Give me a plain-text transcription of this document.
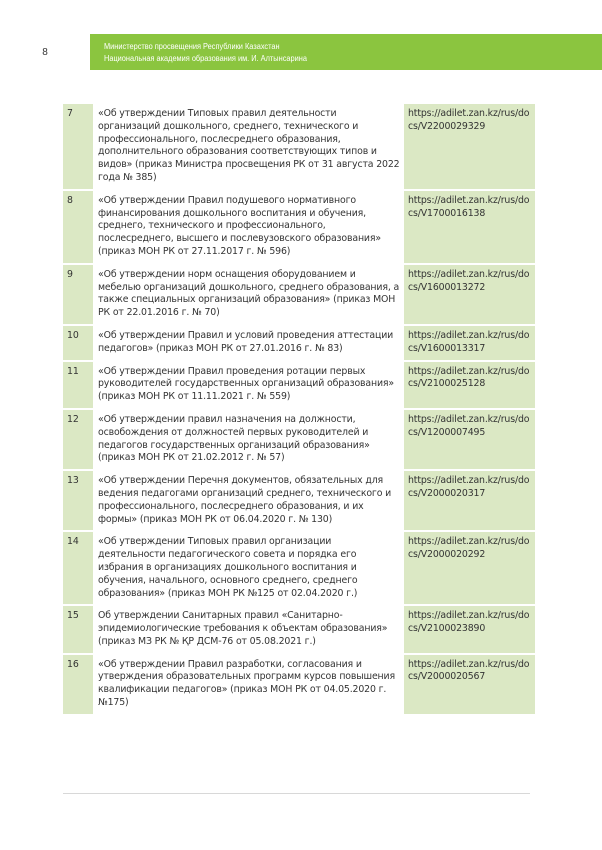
8
Министерство просвещения Республики Казахстан
Национальная академия образования им. И. Алтынсарина
7	«Об утверждении Типовых правил деятельности организаций дошкольного, среднего, технического и профессионального, послесреднего образования, дополнительного образования соответствующих типов и видов» (приказ Министра просвещения РК от 31 августа 2022 года № 385)	https://adilet.zan.kz/rus/docs/V2200029329
8	«Об утверждении Правил подушевого нормативного финансирования дошкольного воспитания и обучения, среднего, технического и профессионального, послесреднего, высшего и послевузовского образования» (приказ МОН РК от 27.11.2017 г. № 596)	https://adilet.zan.kz/rus/docs/V1700016138
9	«Об утверждении норм оснащения оборудованием и мебелью организаций дошкольного, среднего образования, а также специальных организаций образования» (приказ МОН РК от 22.01.2016 г. № 70)	https://adilet.zan.kz/rus/docs/V1600013272
10	«Об утверждении Правил и условий проведения аттестации педагогов» (приказ МОН РК от 27.01.2016 г. № 83)	https://adilet.zan.kz/rus/docs/V1600013317
11	«Об утверждении Правил проведения ротации первых руководителей государственных организаций образования» (приказ МОН РК от 11.11.2021 г. № 559)	https://adilet.zan.kz/rus/docs/V2100025128
12	«Об утверждении правил назначения на должности, освобождения от должностей первых руководителей и педагогов государственных организаций образования» (приказ МОН РК от 21.02.2012 г. № 57)	https://adilet.zan.kz/rus/docs/V1200007495
13	«Об утверждении Перечня документов, обязательных для ведения педагогами организаций среднего, технического и профессионального, послесреднего образования, и их формы» (приказ МОН РК от 06.04.2020 г. № 130)	https://adilet.zan.kz/rus/docs/V2000020317
14	«Об утверждении Типовых правил организации деятельности педагогического совета и порядка его избрания в организациях дошкольного воспитания и обучения, начального, основного среднего, среднего образования» (приказ МОН РК №125 от 02.04.2020 г.)	https://adilet.zan.kz/rus/docs/V2000020292
15	Об утверждении Санитарных правил «Санитарно-эпидемиологические требования к объектам образования» (приказ МЗ РК № ҚР ДСМ-76 от 05.08.2021 г.)	https://adilet.zan.kz/rus/docs/V2100023890
16	«Об утверждении Правил разработки, согласования и утверждения образовательных программ курсов повышения квалификации педагогов» (приказ МОН РК от 04.05.2020 г. №175)	https://adilet.zan.kz/rus/docs/V2000020567
